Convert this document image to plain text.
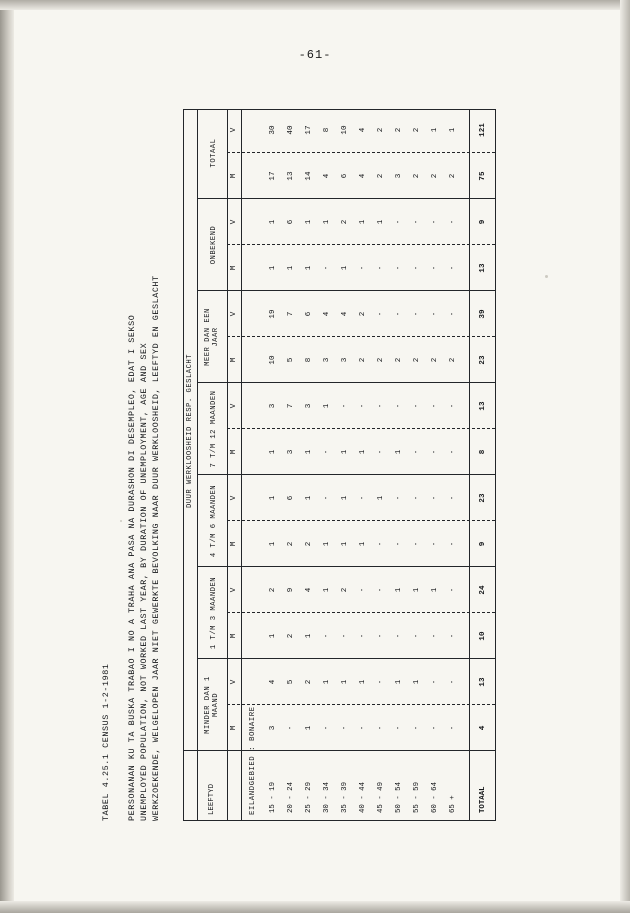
-61-
TABEL 4.25.1 CENSUS 1-2-1981 PERSONANAN KU TA BUSKA TRABAO I NO A TRAHA ANA PASA NA DURASHON DI DESEMPLEO, EDAT I SEKSO UNEMPLOYED POPULATION, NOT WORKED LAST YEAR, BY DURATION OF UNEMPLOYMENT, AGE AND SEX WERKZOEKENDE, WELGELOPEN JAAR NIET GEWERKTE BEVOLKING NAAR DUUR WERKLOOSHEID, LEEFTYD EN GESLACHT	DUUR WERKLOOSHEID RESP. GESLACHT
LEEFTYD
MINDER DAN 1
MAAND
1 T/M 3 MAANDEN
4 T/M 6 MAANDEN
7 T/M 12 MAANDEN
MEER DAN EEN
JAAR
ONBEKEND
TOTAAL
M
V
M
V
M
V
M
V
M
V
M
V
M
V
EILANDGEBIED : BONAIRE 15 - 19
3
4
1
2
1
1
1
3
10
19
1
1
17
30
20 - 24
-
5
2
9
2
6
3
7
5
7
1
6
13
40
25 - 29
1
2
1
4
2
1
1
3
8
6
1
1
14
17
30 - 34
-
1
-
1
1
-
-
1
3
4
-
1
4
8
35 - 39
-
1
-
2
1
1
1
-
3
4
1
2
6
10
40 - 44
-
1
-
-
1
-
1
-
2
2
-
1
4
4
45 - 49
-
-
-
-
-
1
-
-
2
-
-
1
2
2
50 - 54
-
1
-
1
-
-
1
-
2
-
-
-
3
2
55 - 59
-
1
-
1
-
-
-
-
2
-
-
-
2
2
60 - 64
-
-
-
1
-
-
-
-
2
-
-
-
2
1
65 +
-
-
-
-
-
-
-
-
2
-
-
-
2
1
TOTAAL
4
13
10
24
9
23
8
13
23
39
13
9
75
121
